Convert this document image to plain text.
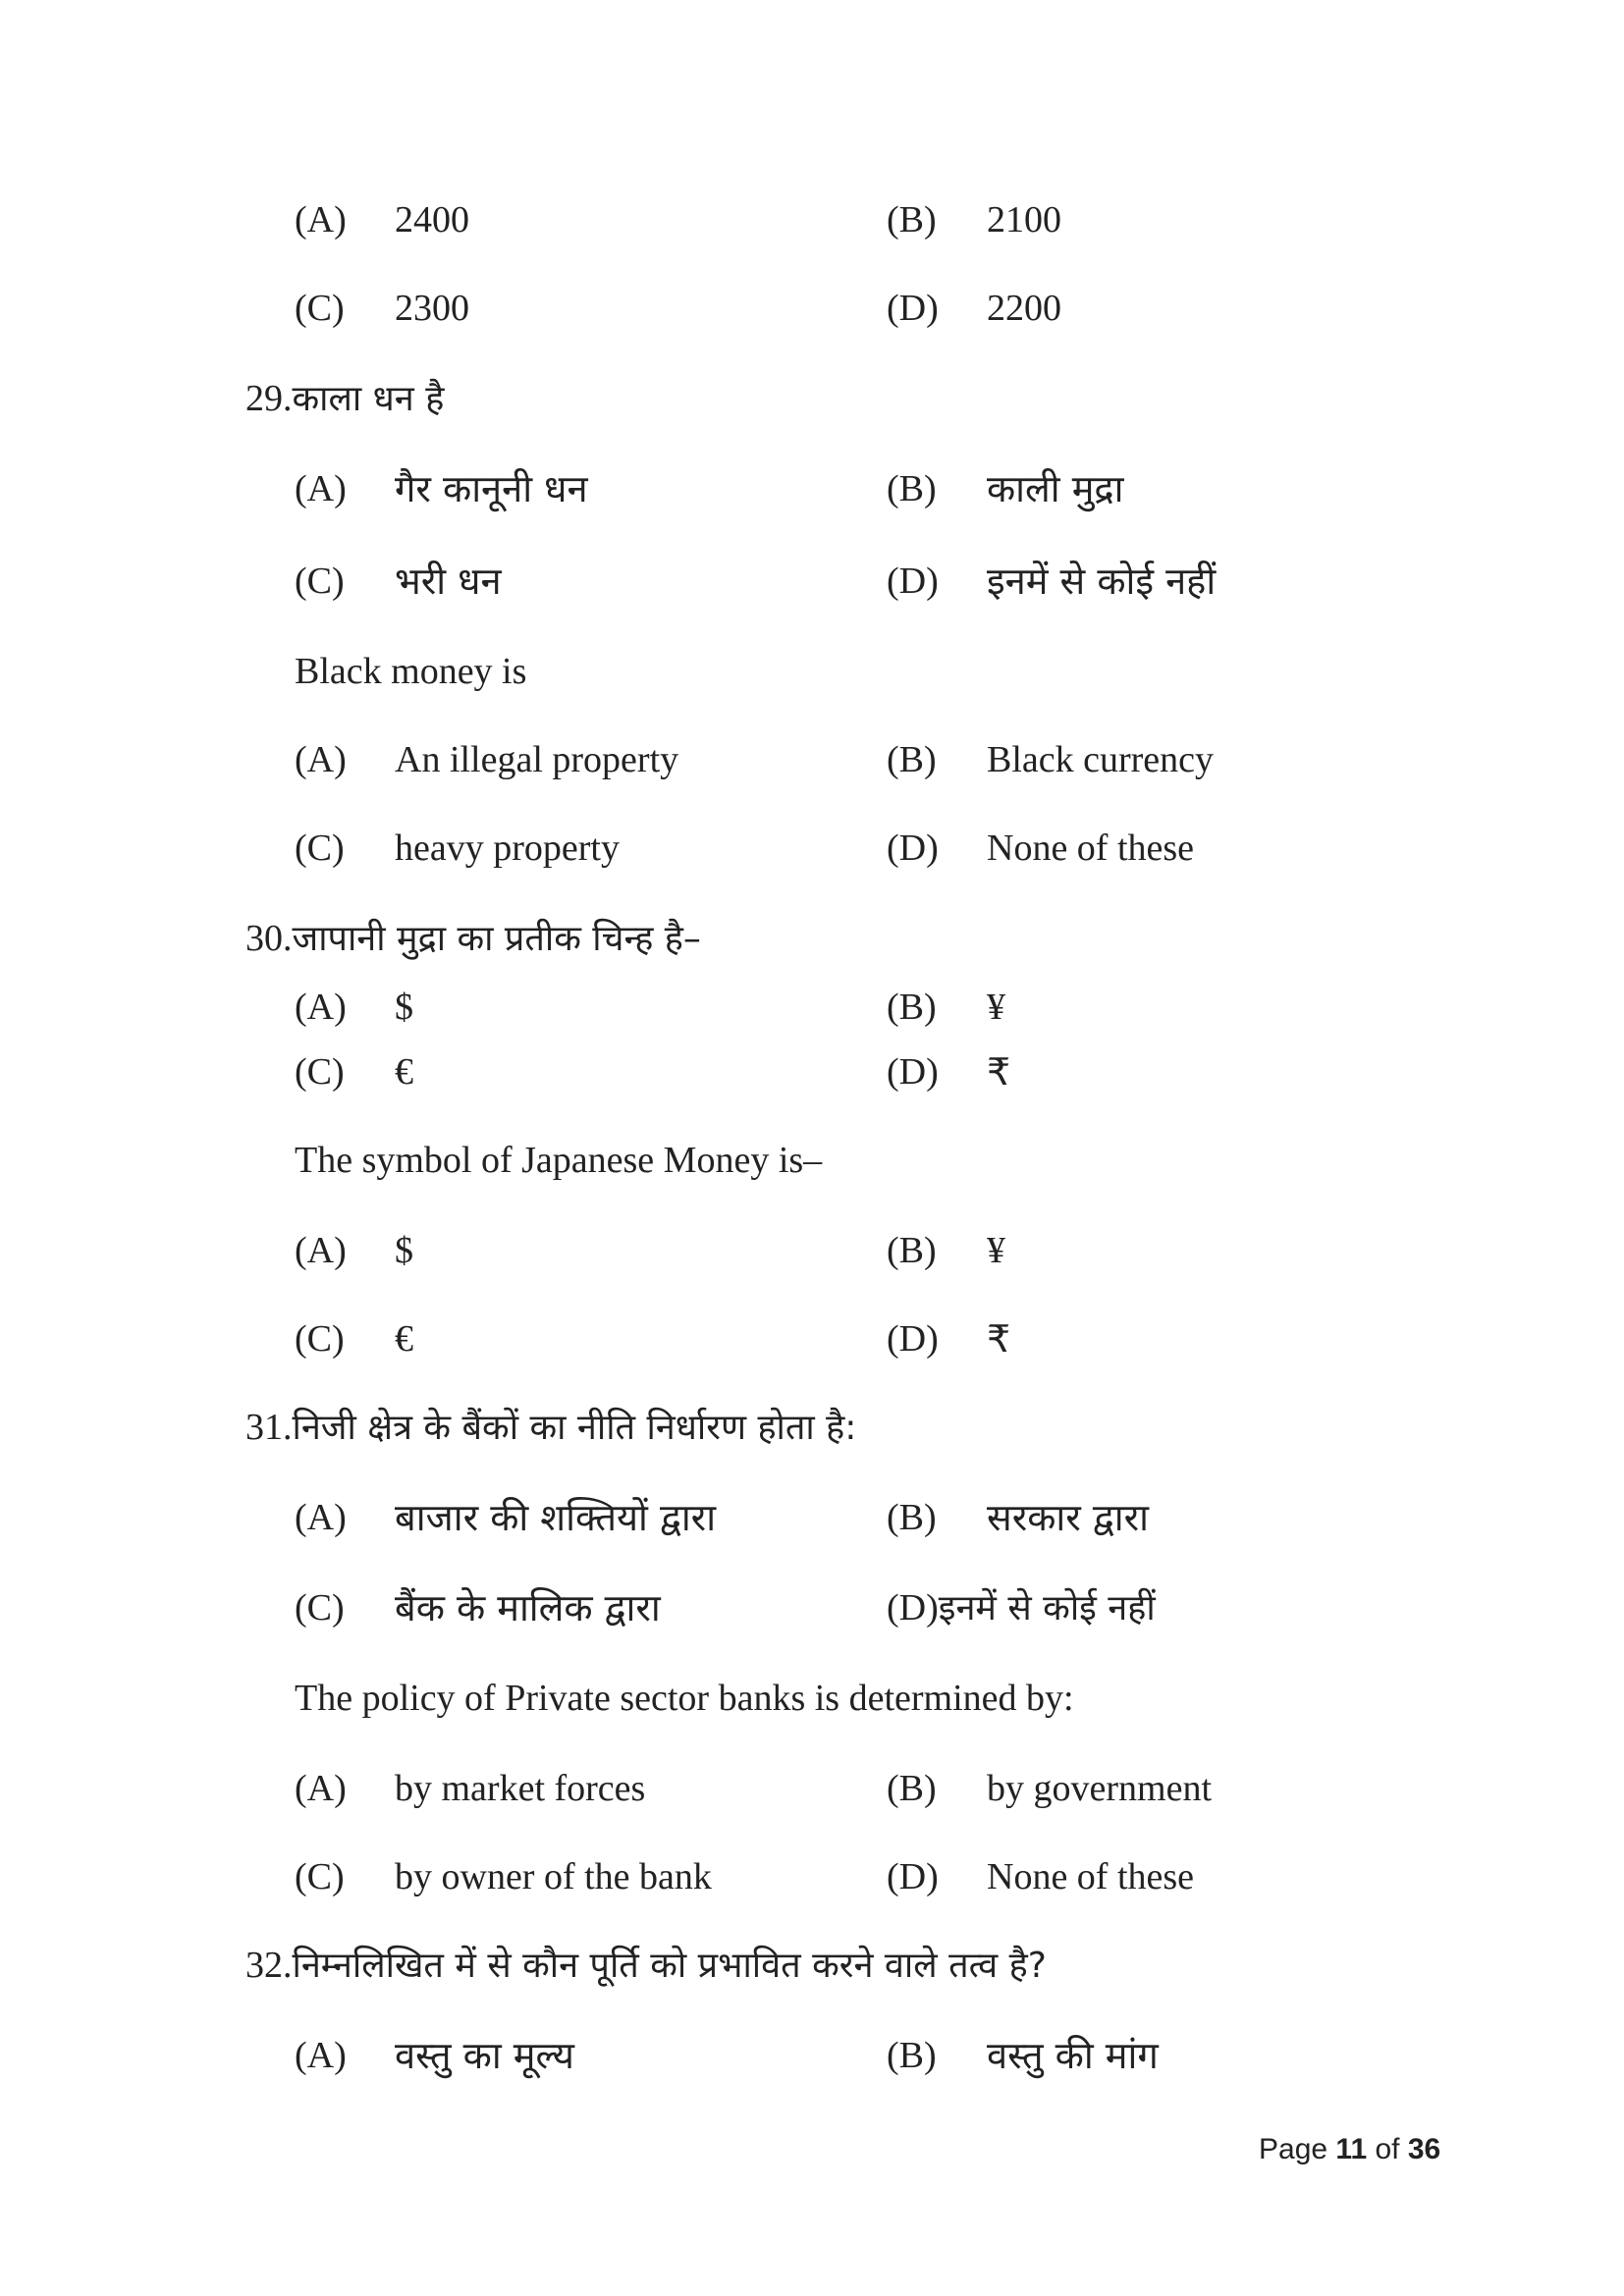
(A) 2400	(B) 2100
(C) 2300	(D) 2200
29.काला धन है
(A) गैर कानूनी धन	(B) काली मुद्रा
(C) भरी धन	(D) इनमें से कोई नहीं
Black money is
(A) An illegal property	(B) Black currency
(C) heavy property	(D) None of these
30.जापानी मुद्रा का प्रतीक चिन्ह है–
(A) $	(B) ¥
(C) €	(D) ₹
The symbol of Japanese Money is–
(A) $	(B) ¥
(C) €	(D) ₹
31.निजी क्षेत्र के बैंकों का नीति निर्धारण होता है:
(A) बाजार की शक्तियों द्वारा	(B) सरकार द्वारा
(C) बैंक के मालिक द्वारा	(D)इनमें से कोई नहीं
The policy of Private sector banks is determined by:
(A) by market forces	(B) by government
(C) by owner of the bank	(D) None of these
32.निम्नलिखित में से कौन पूर्ति को प्रभावित करने वाले तत्व है?
(A) वस्तु का मूल्य	(B) वस्तु की मांग
Page 11 of 36
